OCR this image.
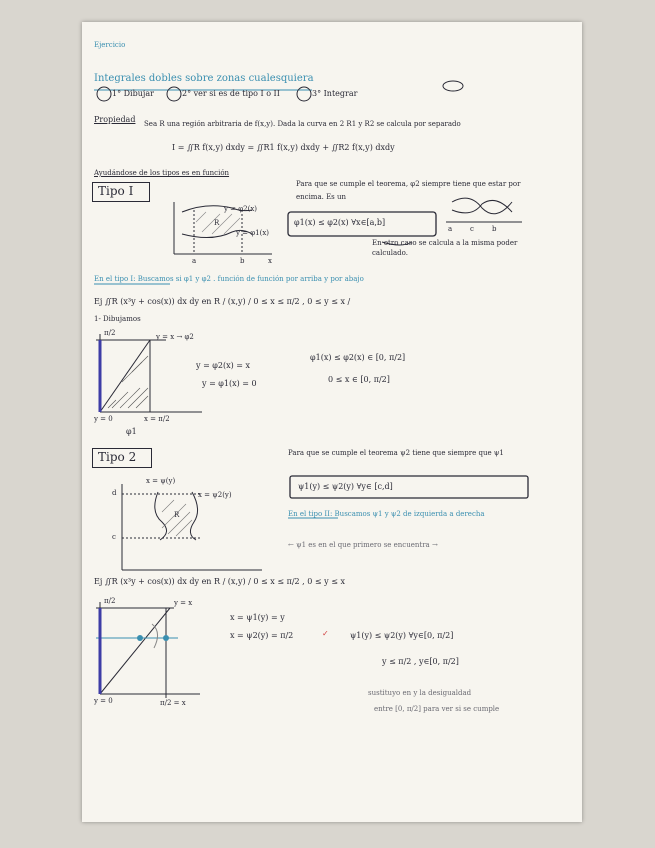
Ejercicio
Integrales dobles sobre zonas cualesquiera
1° Dibujar	2° ver si es de tipo I o II	3° Integrar
Propiedad Sea R una región arbitraria de f(x,y). Dada la curva en 2 R1 y R2 se calcula por separado
I = ∬R f(x,y) dxdy = ∬R1 f(x,y) dxdy + ∬R2 f(x,y) dxdy
Ayudándose de los tipos es en función
Tipo I
y = φ2(x)
y = φ1(x)
R
a	b	x
Para que se cumple el teorema, φ2 siempre tiene que estar por encima. Es un
φ1(x) ≤ φ2(x) ∀x∈[a,b]
a	c	b
En otro caso se calcula a la misma poder calculado.
En el tipo I: Buscamos si φ1 y φ2 . función de función por arriba y por abajo
Ej ∬R (x³y + cos(x)) dx dy en R / (x,y) / 0 ≤ x ≤ π/2 , 0 ≤ y ≤ x /
1- Dibujamos
y = x → φ2
π/2
y = φ2(x) = x
y = φ1(x) = 0
φ1(x) ≤ φ2(x) ∈ [0, π/2]
0 ≤ x ∈ [0, π/2]
y = 0	x = π/2
φ1
Tipo 2
x = ψ(y)
x = ψ2(y)
R
d
c
Para que se cumple el teorema ψ2 tiene que siempre que ψ1
ψ1(y) ≤ ψ2(y) ∀y∈ [c,d]
En el tipo II: Buscamos ψ1 y ψ2 de izquierda a derecha
← ψ1 es en el que primero se encuentra →
Ej ∬R (x³y + cos(x)) dx dy en R / (x,y) / 0 ≤ x ≤ π/2 , 0 ≤ y ≤ x
π/2	y = x
x = ψ1(y) = y
x = ψ2(y) = π/2	✓	ψ1(y) ≤ ψ2(y) ∀y∈[0, π/2]
y ≤ π/2 , y∈[0, π/2]
y = 0	π/2 = x
sustituyo en y la desigualdad
entre [0, π/2] para ver si se cumple
